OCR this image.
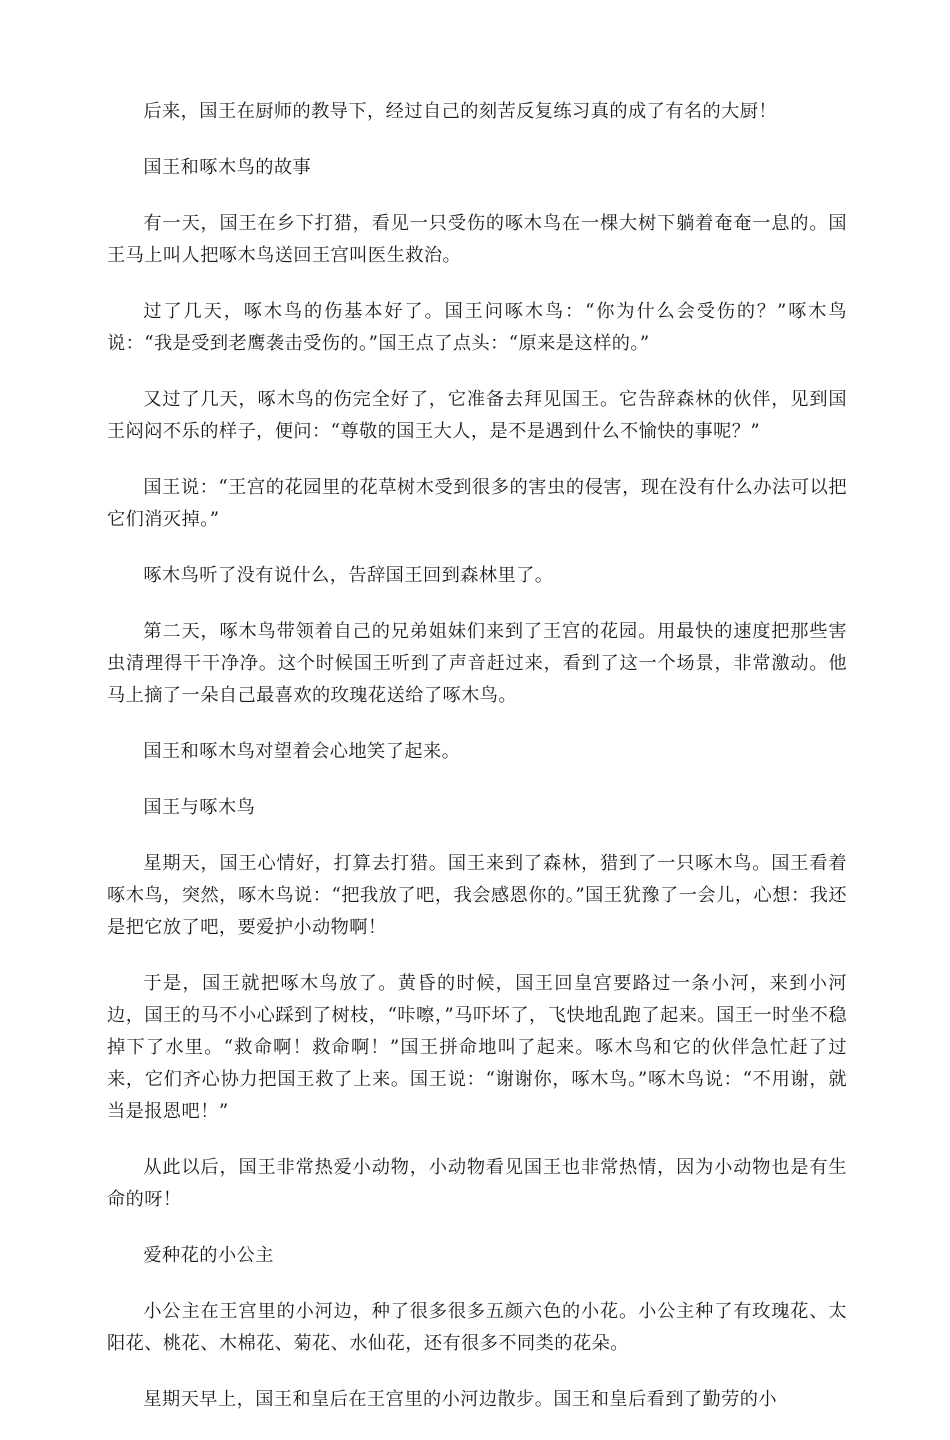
后来，国王在厨师的教导下，经过自己的刻苦反复练习真的成了有名的大厨！

国王和啄木鸟的故事

有一天，国王在乡下打猎，看见一只受伤的啄木鸟在一棵大树下躺着奄奄一息的。国王马上叫人把啄木鸟送回王宫叫医生救治。

过了几天，啄木鸟的伤基本好了。国王问啄木鸟：“你为什么会受伤的？”啄木鸟说：“我是受到老鹰袭击受伤的。”国王点了点头：“原来是这样的。”

又过了几天，啄木鸟的伤完全好了，它准备去拜见国王。它告辞森林的伙伴，见到国王闷闷不乐的样子，便问：“尊敬的国王大人，是不是遇到什么不愉快的事呢？”

国王说：“王宫的花园里的花草树木受到很多的害虫的侵害，现在没有什么办法可以把它们消灭掉。”

啄木鸟听了没有说什么，告辞国王回到森林里了。

第二天，啄木鸟带领着自己的兄弟姐妹们来到了王宫的花园。用最快的速度把那些害虫清理得干干净净。这个时候国王听到了声音赶过来，看到了这一个场景，非常激动。他马上摘了一朵自己最喜欢的玫瑰花送给了啄木鸟。

国王和啄木鸟对望着会心地笑了起来。

国王与啄木鸟

星期天，国王心情好，打算去打猎。国王来到了森林，猎到了一只啄木鸟。国王看着啄木鸟，突然，啄木鸟说：“把我放了吧，我会感恩你的。”国王犹豫了一会儿，心想：我还是把它放了吧，要爱护小动物啊！

于是，国王就把啄木鸟放了。黄昏的时候，国王回皇宫要路过一条小河，来到小河边，国王的马不小心踩到了树枝，“咔嚓，”马吓坏了，飞快地乱跑了起来。国王一时坐不稳掉下了水里。“救命啊！救命啊！”国王拼命地叫了起来。啄木鸟和它的伙伴急忙赶了过来，它们齐心协力把国王救了上来。国王说：“谢谢你，啄木鸟。”啄木鸟说：“不用谢，就当是报恩吧！”

从此以后，国王非常热爱小动物，小动物看见国王也非常热情，因为小动物也是有生命的呀！

爱种花的小公主

小公主在王宫里的小河边，种了很多很多五颜六色的小花。小公主种了有玫瑰花、太阳花、桃花、木棉花、菊花、水仙花，还有很多不同类的花朵。

星期天早上，国王和皇后在王宫里的小河边散步。国王和皇后看到了勤劳的小
